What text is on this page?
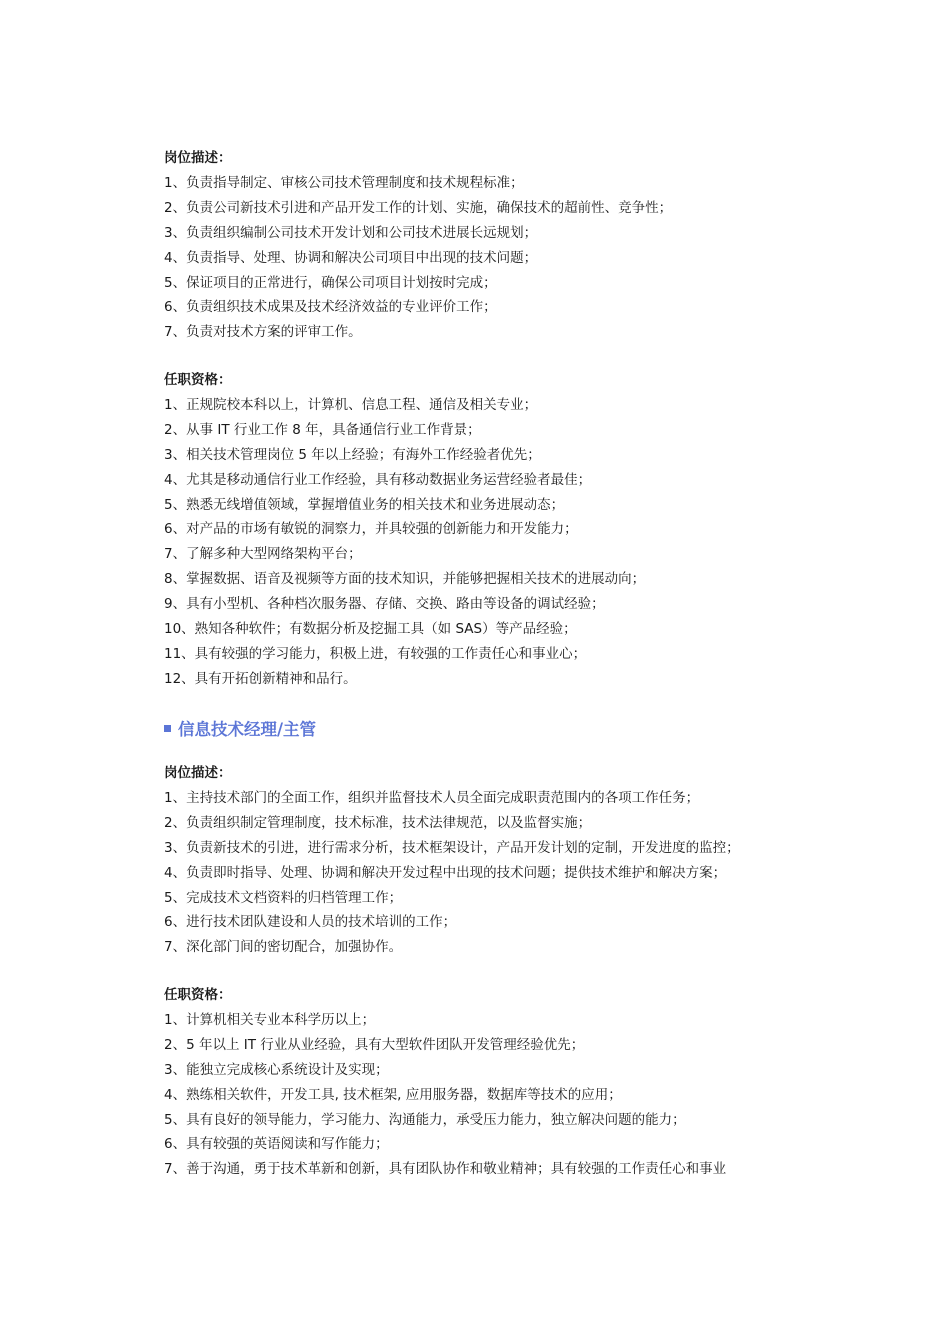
岗位描述：
1、负责指导制定、审核公司技术管理制度和技术规程标准；
2、负责公司新技术引进和产品开发工作的计划、实施，确保技术的超前性、竞争性；
3、负责组织编制公司技术开发计划和公司技术进展长远规划；
4、负责指导、处理、协调和解决公司项目中出现的技术问题；
5、保证项目的正常进行，确保公司项目计划按时完成；
6、负责组织技术成果及技术经济效益的专业评价工作；
7、负责对技术方案的评审工作。
任职资格：
1、正规院校本科以上，计算机、信息工程、通信及相关专业；
2、从事 IT 行业工作 8 年，具备通信行业工作背景；
3、相关技术管理岗位 5 年以上经验；有海外工作经验者优先；
4、尤其是移动通信行业工作经验，具有移动数据业务运营经验者最佳；
5、熟悉无线增值领域，掌握增值业务的相关技术和业务进展动态；
6、对产品的市场有敏锐的洞察力，并具较强的创新能力和开发能力；
7、了解多种大型网络架构平台；
8、掌握数据、语音及视频等方面的技术知识，并能够把握相关技术的进展动向；
9、具有小型机、各种档次服务器、存储、交换、路由等设备的调试经验；
10、熟知各种软件；有数据分析及挖掘工具（如 SAS）等产品经验；
11、具有较强的学习能力，积极上进，有较强的工作责任心和事业心；
12、具有开拓创新精神和品行。
信息技术经理/主管
岗位描述：
1、主持技术部门的全面工作，组织并监督技术人员全面完成职责范围内的各项工作任务；
2、负责组织制定管理制度，技术标准，技术法律规范，以及监督实施；
3、负责新技术的引进，进行需求分析，技术框架设计，产品开发计划的定制，开发进度的监控；
4、负责即时指导、处理、协调和解决开发过程中出现的技术问题；提供技术维护和解决方案；
5、完成技术文档资料的归档管理工作；
6、进行技术团队建设和人员的技术培训的工作；
7、深化部门间的密切配合，加强协作。
任职资格：
1、计算机相关专业本科学历以上；
2、5 年以上 IT 行业从业经验，具有大型软件团队开发管理经验优先；
3、能独立完成核心系统设计及实现；
4、熟练相关软件，开发工具, 技术框架, 应用服务器，数据库等技术的应用；
5、具有良好的领导能力，学习能力、沟通能力，承受压力能力，独立解决问题的能力；
6、具有较强的英语阅读和写作能力；
7、善于沟通，勇于技术革新和创新，具有团队协作和敬业精神；具有较强的工作责任心和事业
